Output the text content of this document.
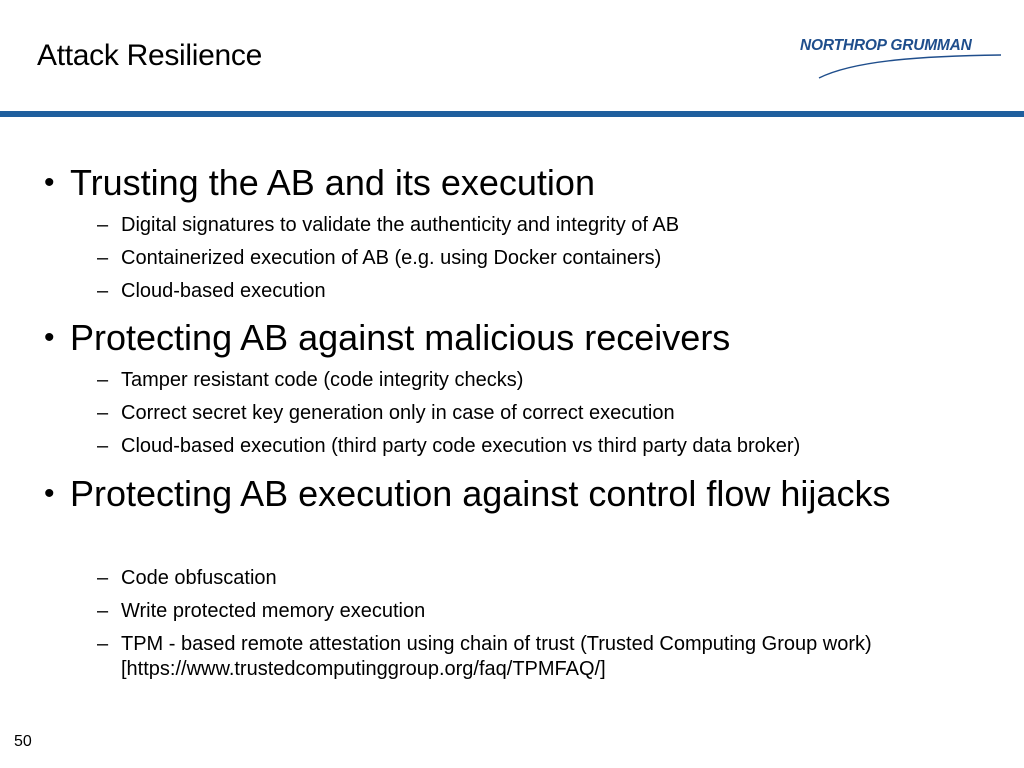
Attack Resilience	NORTHROP GRUMMAN
• Trusting the AB and its execution
– Digital signatures to validate the authenticity and integrity of AB
– Containerized execution of AB (e.g. using Docker containers)
– Cloud-based execution
• Protecting AB against malicious receivers
– Tamper resistant code (code integrity checks)
– Correct secret key generation only in case of correct execution
– Cloud-based execution (third party code execution vs third party data broker)
• Protecting AB execution against control flow hijacks
– Code obfuscation
– Write protected memory execution
– TPM - based remote attestation using chain of trust (Trusted Computing Group work) [https://www.trustedcomputinggroup.org/faq/TPMFAQ/]
50
